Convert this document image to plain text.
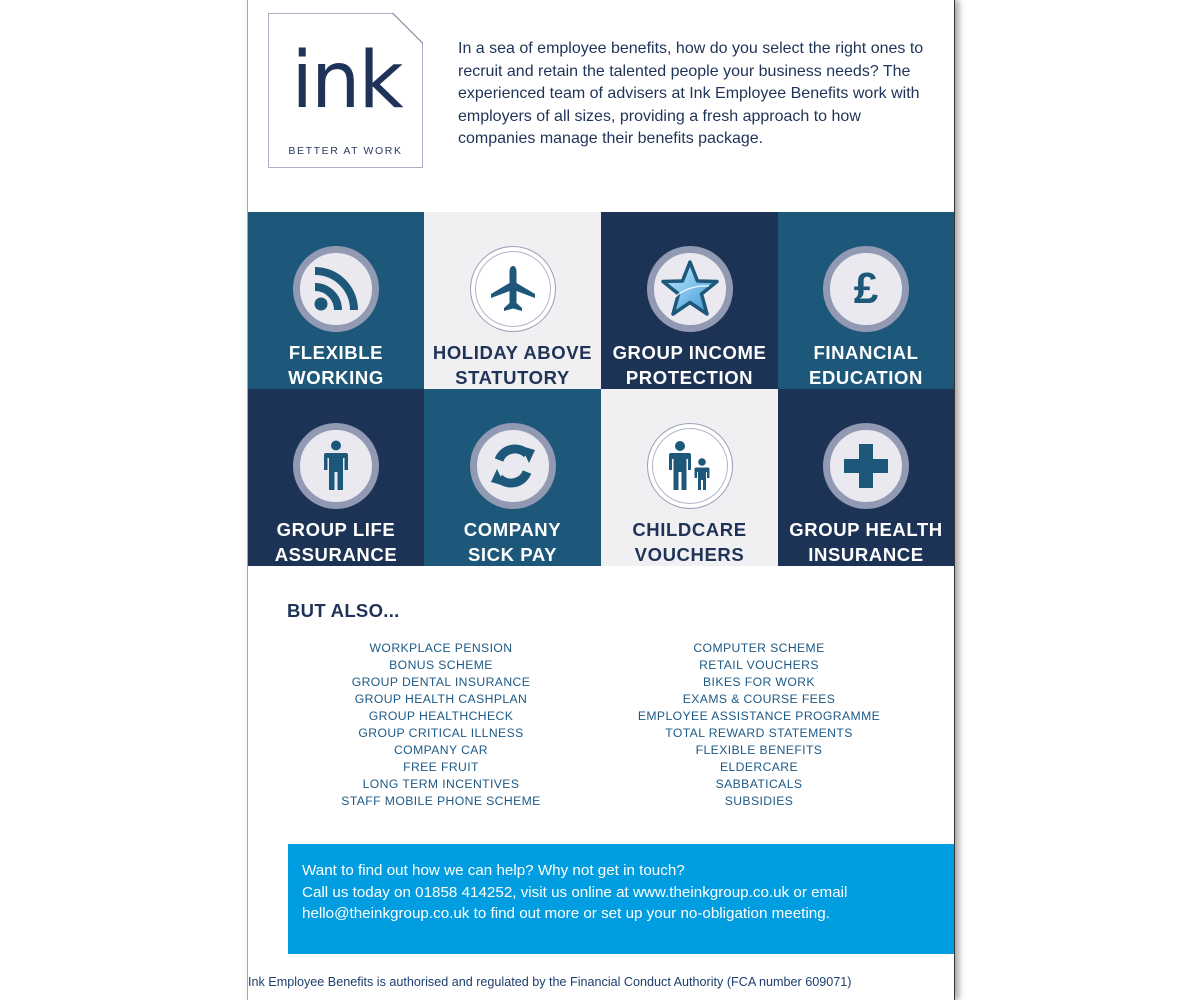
ink
BETTER AT WORK
In a sea of employee benefits, how do you select the right ones to recruit and retain the talented people your business needs? The experienced team of advisers at Ink Employee Benefits work with employers of all sizes, providing a fresh approach to how companies manage their benefits package.
FLEXIBLE
WORKING
HOLIDAY ABOVE
STATUTORY
GROUP INCOME
PROTECTION
£
FINANCIAL
EDUCATION
GROUP LIFE
ASSURANCE
COMPANY
SICK PAY
CHILDCARE
VOUCHERS
GROUP HEALTH
INSURANCE
BUT ALSO...
WORKPLACE PENSION
BONUS SCHEME
GROUP DENTAL INSURANCE
GROUP HEALTH CASHPLAN
GROUP HEALTHCHECK
GROUP CRITICAL ILLNESS
COMPANY CAR
FREE FRUIT
LONG TERM INCENTIVES
STAFF MOBILE PHONE SCHEME
COMPUTER SCHEME
RETAIL VOUCHERS
BIKES FOR WORK
EXAMS & COURSE FEES
EMPLOYEE ASSISTANCE PROGRAMME
TOTAL REWARD STATEMENTS
FLEXIBLE BENEFITS
ELDERCARE
SABBATICALS
SUBSIDIES
Want to find out how we can help? Why not get in touch?
Call us today on 01858 414252, visit us online at www.theinkgroup.co.uk or email
hello@theinkgroup.co.uk to find out more or set up your no-obligation meeting.
Ink Employee Benefits is authorised and regulated by the Financial Conduct Authority (FCA number 609071)
